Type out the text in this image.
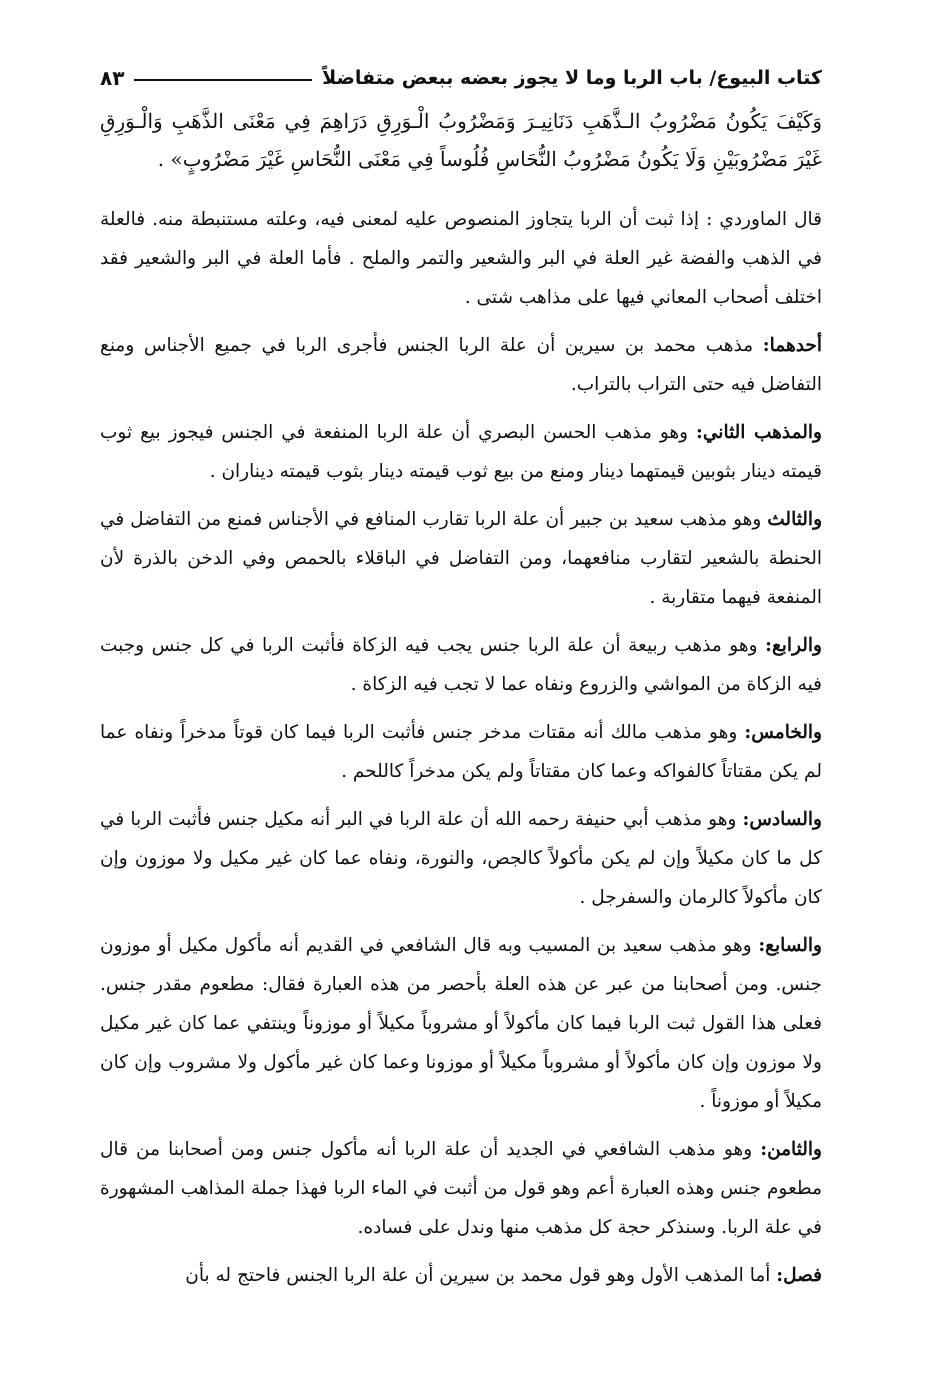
كتاب البيوع/ باب الربا وما لا يجوز بعضه ببعض متفاضلاً
٨٣
وَكَيْفَ يَكُونُ مَضْرُوبُ الـذَّهَبِ دَنَانِيـرَ وَمَضْرُوبُ الْـوَرِقِ دَرَاهِمَ فِي مَعْنَى الذَّهَبِ وَالْـوَرِقِ غَيْرَ مَضْرُوبَيْنِ وَلَا يَكُونُ مَضْرُوبُ النُّحَاسِ فُلُوساً فِي مَعْنَى النُّحَاسِ غَيْرَ مَضْرُوبٍ» .

قال الماوردي : إذا ثبت أن الربا يتجاوز المنصوص عليه لمعنى فيه، وعلته مستنبطة منه. فالعلة في الذهب والفضة غير العلة في البر والشعير والتمر والملح . فأما العلة في البر والشعير فقد اختلف أصحاب المعاني فيها على مذاهب شتى .

أحدهما: مذهب محمد بن سيرين أن علة الربا الجنس فأجرى الربا في جميع الأجناس ومنع التفاضل فيه حتى التراب بالتراب.

والمذهب الثاني: وهو مذهب الحسن البصري أن علة الربا المنفعة في الجنس فيجوز بيع ثوب قيمته دينار بثوبين قيمتهما دينار ومنع من بيع ثوب قيمته دينار بثوب قيمته ديناران .

والثالث وهو مذهب سعيد بن جبير أن علة الربا تقارب المنافع في الأجناس فمنع من التفاضل في الحنطة بالشعير لتقارب منافعهما، ومن التفاضل في الباقلاء بالحمص وفي الدخن بالذرة لأن المنفعة فيهما متقاربة .

والرابع: وهو مذهب ربيعة أن علة الربا جنس يجب فيه الزكاة فأثبت الربا في كل جنس وجبت فيه الزكاة من المواشي والزروع ونفاه عما لا تجب فيه الزكاة .

والخامس: وهو مذهب مالك أنه مقتات مدخر جنس فأثبت الربا فيما كان قوتاً مدخراً ونفاه عما لم يكن مقتاتاً كالفواكه وعما كان مقتاتاً ولم يكن مدخراً كاللحم .

والسادس: وهو مذهب أبي حنيفة رحمه الله أن علة الربا في البر أنه مكيل جنس فأثبت الربا في كل ما كان مكيلاً وإن لم يكن مأكولاً كالجص، والنورة، ونفاه عما كان غير مكيل ولا موزون وإن كان مأكولاً كالرمان والسفرجل .

والسابع: وهو مذهب سعيد بن المسيب وبه قال الشافعي في القديم أنه مأكول مكيل أو موزون جنس. ومن أصحابنا من عبر عن هذه العلة بأحصر من هذه العبارة فقال: مطعوم مقدر جنس. فعلى هذا القول ثبت الربا فيما كان مأكولاً أو مشروباً مكيلاً أو موزوناً وينتفي عما كان غير مكيل ولا موزون وإن كان مأكولاً أو مشروباً مكيلاً أو موزونا وعما كان غير مأكول ولا مشروب وإن كان مكيلاً أو موزوناً .

والثامن: وهو مذهب الشافعي في الجديد أن علة الربا أنه مأكول جنس ومن أصحابنا من قال مطعوم جنس وهذه العبارة أعم وهو قول من أثبت في الماء الربا فهذا جملة المذاهب المشهورة في علة الربا. وسنذكر حجة كل مذهب منها وندل على فساده.

فصل: أما المذهب الأول وهو قول محمد بن سيرين أن علة الربا الجنس فاحتج له بأن
